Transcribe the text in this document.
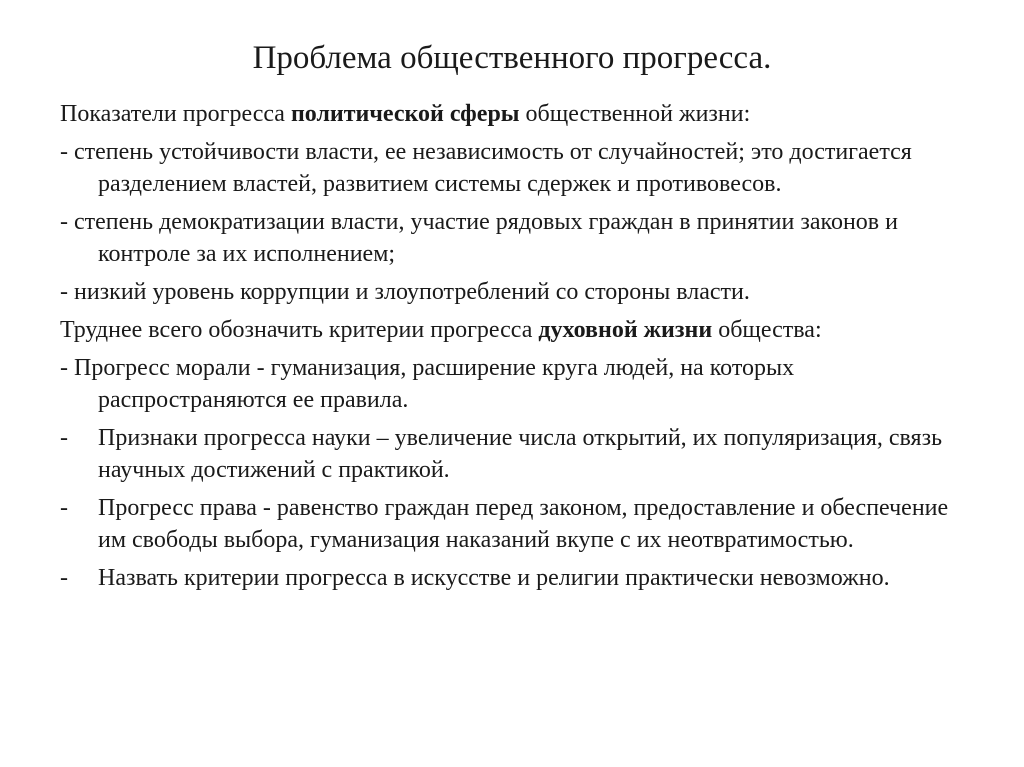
Проблема общественного прогресса.

Показатели прогресса политической сферы общественной жизни:

- степень устойчивости власти, ее независимость от случайностей; это достигается разделением властей, развитием системы сдержек и противовесов.

- степень демократизации власти, участие рядовых граждан в принятии законов и контроле за их исполнением;

- низкий уровень коррупции и злоупотреблений со стороны власти.

Труднее всего обозначить критерии прогресса духовной жизни общества:

- Прогресс морали - гуманизация, расширение круга людей, на которых распространяются ее правила.

-	Признаки прогресса науки – увеличение числа открытий, их популяризация, связь научных достижений с практикой.
-	Прогресс права - равенство граждан перед законом, предоставление и обеспечение им свободы выбора, гуманизация наказаний вкупе с их неотвратимостью.
-	Назвать критерии прогресса в искусстве и религии практически невозможно.
